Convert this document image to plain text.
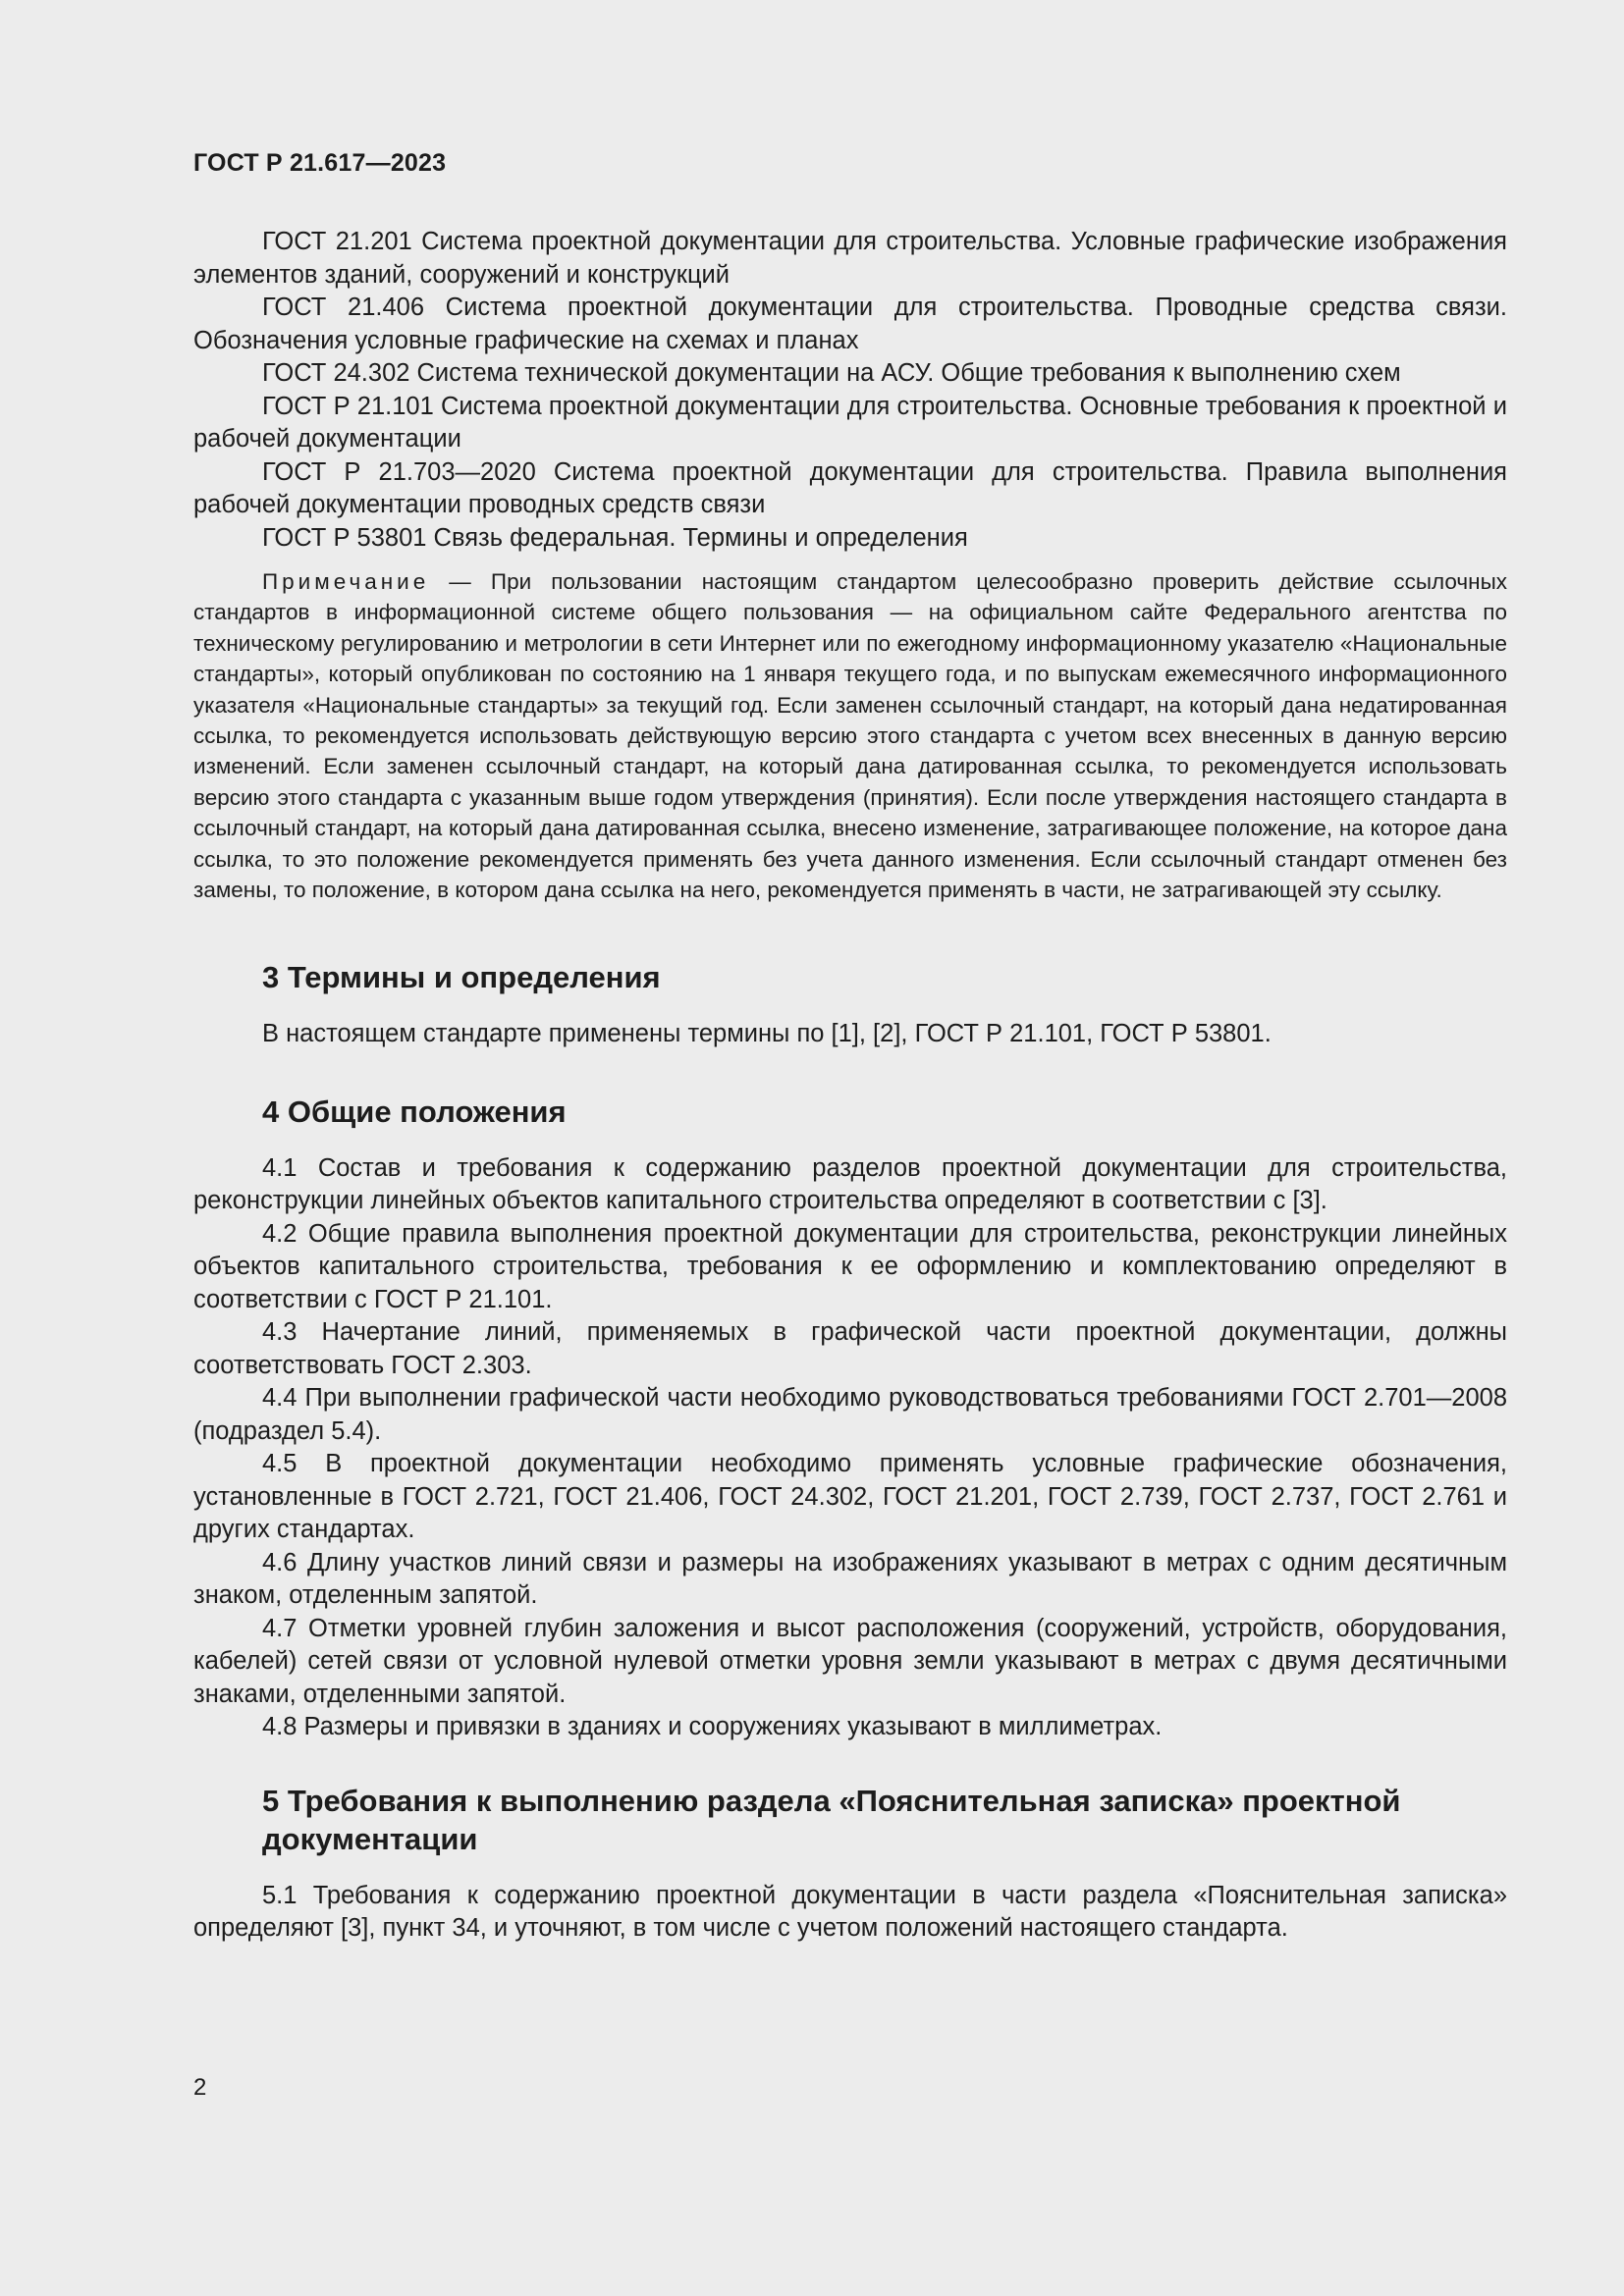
ГОСТ Р 21.617—2023

ГОСТ 21.201 Система проектной документации для строительства. Условные графические изображения элементов зданий, сооружений и конструкций

ГОСТ 21.406 Система проектной документации для строительства. Проводные средства связи. Обозначения условные графические на схемах и планах

ГОСТ 24.302 Система технической документации на АСУ. Общие требования к выполнению схем

ГОСТ Р 21.101 Система проектной документации для строительства. Основные требования к проектной и рабочей документации

ГОСТ Р 21.703—2020 Система проектной документации для строительства. Правила выполнения рабочей документации проводных средств связи

ГОСТ Р 53801 Связь федеральная. Термины и определения

Примечание — При пользовании настоящим стандартом целесообразно проверить действие ссылочных стандартов в информационной системе общего пользования — на официальном сайте Федерального агентства по техническому регулированию и метрологии в сети Интернет или по ежегодному информационному указателю «Национальные стандарты», который опубликован по состоянию на 1 января текущего года, и по выпускам ежемесячного информационного указателя «Национальные стандарты» за текущий год. Если заменен ссылочный стандарт, на который дана недатированная ссылка, то рекомендуется использовать действующую версию этого стандарта с учетом всех внесенных в данную версию изменений. Если заменен ссылочный стандарт, на который дана датированная ссылка, то рекомендуется использовать версию этого стандарта с указанным выше годом утверждения (принятия). Если после утверждения настоящего стандарта в ссылочный стандарт, на который дана датированная ссылка, внесено изменение, затрагивающее положение, на которое дана ссылка, то это положение рекомендуется применять без учета данного изменения. Если ссылочный стандарт отменен без замены, то положение, в котором дана ссылка на него, рекомендуется применять в части, не затрагивающей эту ссылку.

3 Термины и определения

В настоящем стандарте применены термины по [1], [2], ГОСТ Р 21.101, ГОСТ Р 53801.

4 Общие положения

4.1 Состав и требования к содержанию разделов проектной документации для строительства, реконструкции линейных объектов капитального строительства определяют в соответствии с [3].

4.2 Общие правила выполнения проектной документации для строительства, реконструкции линейных объектов капитального строительства, требования к ее оформлению и комплектованию определяют в соответствии с ГОСТ Р 21.101.

4.3 Начертание линий, применяемых в графической части проектной документации, должны соответствовать ГОСТ 2.303.

4.4 При выполнении графической части необходимо руководствоваться требованиями ГОСТ 2.701—2008 (подраздел 5.4).

4.5 В проектной документации необходимо применять условные графические обозначения, установленные в ГОСТ 2.721, ГОСТ 21.406, ГОСТ 24.302, ГОСТ 21.201, ГОСТ 2.739, ГОСТ 2.737, ГОСТ 2.761 и других стандартах.

4.6 Длину участков линий связи и размеры на изображениях указывают в метрах с одним десятичным знаком, отделенным запятой.

4.7 Отметки уровней глубин заложения и высот расположения (сооружений, устройств, оборудования, кабелей) сетей связи от условной нулевой отметки уровня земли указывают в метрах с двумя десятичными знаками, отделенными запятой.

4.8 Размеры и привязки в зданиях и сооружениях указывают в миллиметрах.

5 Требования к выполнению раздела «Пояснительная записка» проектной документации

5.1 Требования к содержанию проектной документации в части раздела «Пояснительная записка» определяют [3], пункт 34, и уточняют, в том числе с учетом положений настоящего стандарта.

2
